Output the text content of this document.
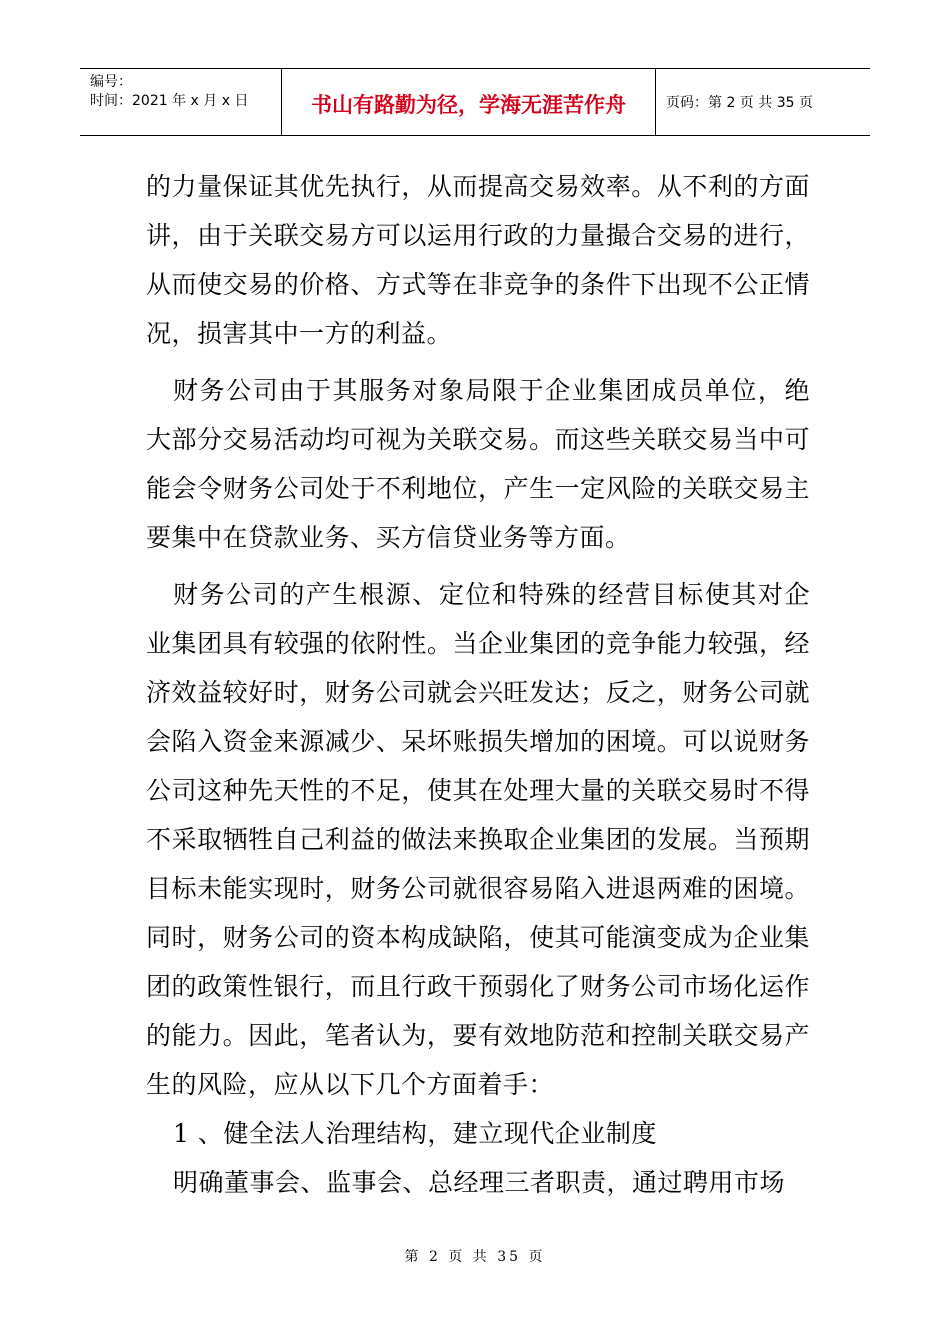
编号：
时间：2021 年 x 月 x 日	书山有路勤为径，学海无涯苦作舟	页码：第 2 页 共 35 页

的力量保证其优先执行，从而提高交易效率。从不利的方面讲，由于关联交易方可以运用行政的力量撮合交易的进行，从而使交易的价格、方式等在非竞争的条件下出现不公正情况，损害其中一方的利益。

财务公司由于其服务对象局限于企业集团成员单位，绝大部分交易活动均可视为关联交易。而这些关联交易当中可能会令财务公司处于不利地位，产生一定风险的关联交易主要集中在贷款业务、买方信贷业务等方面。

财务公司的产生根源、定位和特殊的经营目标使其对企业集团具有较强的依附性。当企业集团的竞争能力较强，经济效益较好时，财务公司就会兴旺发达；反之，财务公司就会陷入资金来源减少、呆坏账损失增加的困境。可以说财务公司这种先天性的不足，使其在处理大量的关联交易时不得不采取牺牲自己利益的做法来换取企业集团的发展。当预期目标未能实现时，财务公司就很容易陷入进退两难的困境。同时，财务公司的资本构成缺陷，使其可能演变成为企业集团的政策性银行，而且行政干预弱化了财务公司市场化运作的能力。因此，笔者认为，要有效地防范和控制关联交易产生的风险，应从以下几个方面着手：

1 、健全法人治理结构，建立现代企业制度

明确董事会、监事会、总经理三者职责，通过聘用市场

第 2 页 共 35 页
